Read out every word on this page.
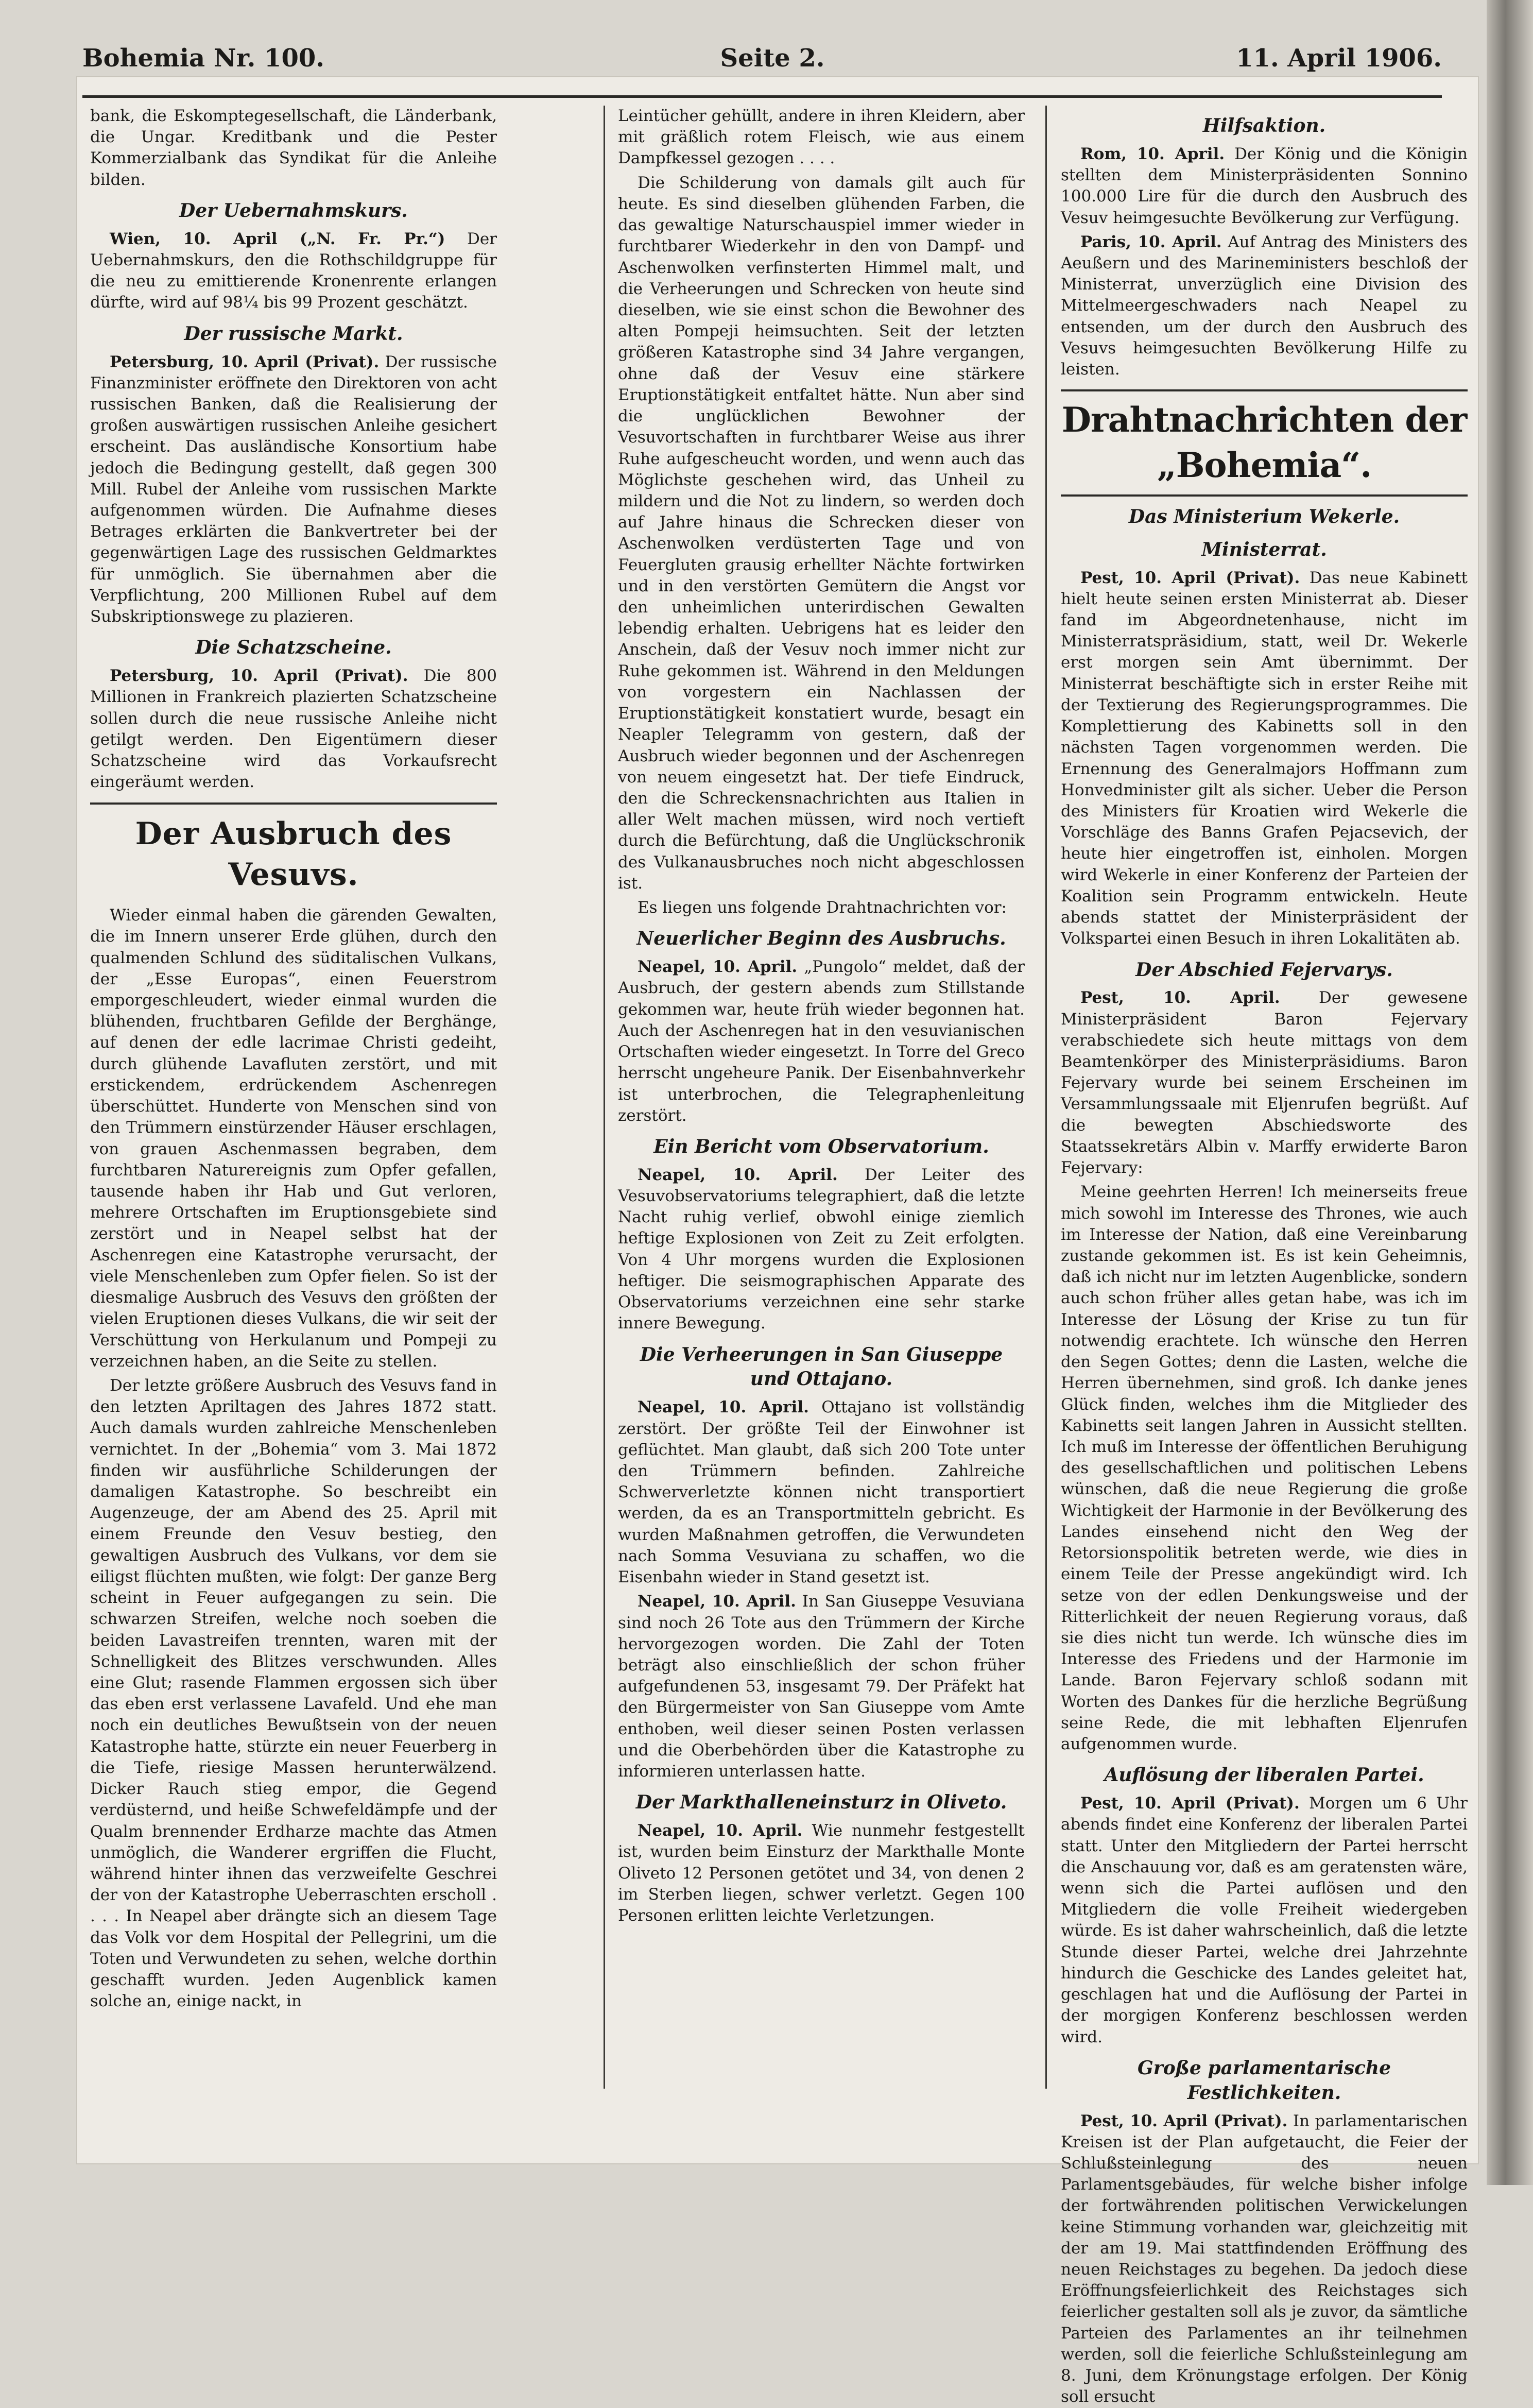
Bohemia Nr. 100.	Seite 2.	11. April 1906.

bank, die Eskomptegesellschaft, die Länderbank, die Ungar. Kreditbank und die Pester Kommerzialbank das Syndikat für die Anleihe bilden.

Der Uebernahmskurs.

Wien, 10. April („N. Fr. Pr.“) Der Uebernahmskurs, den die Rothschildgruppe für die neu zu emittierende Kronenrente erlangen dürfte, wird auf 98¼ bis 99 Prozent geschätzt.

Der russische Markt.

Petersburg, 10. April (Privat). Der russische Finanzminister eröffnete den Direktoren von acht russischen Banken, daß die Realisierung der großen auswärtigen russischen Anleihe gesichert erscheint. Das ausländische Konsortium habe jedoch die Bedingung gestellt, daß gegen 300 Mill. Rubel der Anleihe vom russischen Markte aufgenommen würden. Die Aufnahme dieses Betrages erklärten die Bankvertreter bei der gegenwärtigen Lage des russischen Geldmarktes für unmöglich. Sie übernahmen aber die Verpflichtung, 200 Millionen Rubel auf dem Subskriptionswege zu plazieren.

Die Schatzscheine.

Petersburg, 10. April (Privat). Die 800 Millionen in Frankreich plazierten Schatzscheine sollen durch die neue russische Anleihe nicht getilgt werden. Den Eigentümern dieser Schatzscheine wird das Vorkaufsrecht eingeräumt werden.

Der Ausbruch des Vesuvs.

Wieder einmal haben die gärenden Gewalten, die im Innern unserer Erde glühen, durch den qualmenden Schlund des süditalischen Vulkans, der „Esse Europas“, einen Feuerstrom emporgeschleudert, wieder einmal wurden die blühenden, fruchtbaren Gefilde der Berghänge, auf denen der edle lacrimae Christi gedeiht, durch glühende Lavafluten zerstört, und mit erstickendem, erdrückendem Aschenregen überschüttet. Hunderte von Menschen sind von den Trümmern einstürzender Häuser erschlagen, von grauen Aschenmassen begraben, dem furchtbaren Naturereignis zum Opfer gefallen, tausende haben ihr Hab und Gut verloren, mehrere Ortschaften im Eruptionsgebiete sind zerstört und in Neapel selbst hat der Aschenregen eine Katastrophe verursacht, der viele Menschenleben zum Opfer fielen. So ist der diesmalige Ausbruch des Vesuvs den größten der vielen Eruptionen dieses Vulkans, die wir seit der Verschüttung von Herkulanum und Pompeji zu verzeichnen haben, an die Seite zu stellen.

Der letzte größere Ausbruch des Vesuvs fand in den letzten Apriltagen des Jahres 1872 statt. Auch damals wurden zahlreiche Menschenleben vernichtet. In der „Bohemia“ vom 3. Mai 1872 finden wir ausführliche Schilderungen der damaligen Katastrophe. So beschreibt ein Augenzeuge, der am Abend des 25. April mit einem Freunde den Vesuv bestieg, den gewaltigen Ausbruch des Vulkans, vor dem sie eiligst flüchten mußten, wie folgt: Der ganze Berg scheint in Feuer aufgegangen zu sein. Die schwarzen Streifen, welche noch soeben die beiden Lavastreifen trennten, waren mit der Schnelligkeit des Blitzes verschwunden. Alles eine Glut; rasende Flammen ergossen sich über das eben erst verlassene Lavafeld. Und ehe man noch ein deutliches Bewußtsein von der neuen Katastrophe hatte, stürzte ein neuer Feuerberg in die Tiefe, riesige Massen herunterwälzend. Dicker Rauch stieg empor, die Gegend verdüsternd, und heiße Schwefeldämpfe und der Qualm brennender Erdharze machte das Atmen unmöglich, die Wanderer ergriffen die Flucht, während hinter ihnen das verzweifelte Geschrei der von der Katastrophe Ueberraschten erscholl . . . . In Neapel aber drängte sich an diesem Tage das Volk vor dem Hospital der Pellegrini, um die Toten und Verwundeten zu sehen, welche dorthin geschafft wurden. Jeden Augenblick kamen solche an, einige nackt, in

Leintücher gehüllt, andere in ihren Kleidern, aber mit gräßlich rotem Fleisch, wie aus einem Dampfkessel gezogen . . . .

Die Schilderung von damals gilt auch für heute. Es sind dieselben glühenden Farben, die das gewaltige Naturschauspiel immer wieder in furchtbarer Wiederkehr in den von Dampf- und Aschenwolken verfinsterten Himmel malt, und die Verheerungen und Schrecken von heute sind dieselben, wie sie einst schon die Bewohner des alten Pompeji heimsuchten. Seit der letzten größeren Katastrophe sind 34 Jahre vergangen, ohne daß der Vesuv eine stärkere Eruptionstätigkeit entfaltet hätte. Nun aber sind die unglücklichen Bewohner der Vesuvortschaften in furchtbarer Weise aus ihrer Ruhe aufgescheucht worden, und wenn auch das Möglichste geschehen wird, das Unheil zu mildern und die Not zu lindern, so werden doch auf Jahre hinaus die Schrecken dieser von Aschenwolken verdüsterten Tage und von Feuergluten grausig erhellter Nächte fortwirken und in den verstörten Gemütern die Angst vor den unheimlichen unterirdischen Gewalten lebendig erhalten. Uebrigens hat es leider den Anschein, daß der Vesuv noch immer nicht zur Ruhe gekommen ist. Während in den Meldungen von vorgestern ein Nachlassen der Eruptionstätigkeit konstatiert wurde, besagt ein Neapler Telegramm von gestern, daß der Ausbruch wieder begonnen und der Aschenregen von neuem eingesetzt hat. Der tiefe Eindruck, den die Schreckensnachrichten aus Italien in aller Welt machen müssen, wird noch vertieft durch die Befürchtung, daß die Unglückschronik des Vulkanausbruches noch nicht abgeschlossen ist.

Es liegen uns folgende Drahtnachrichten vor:

Neuerlicher Beginn des Ausbruchs.

Neapel, 10. April. „Pungolo“ meldet, daß der Ausbruch, der gestern abends zum Stillstande gekommen war, heute früh wieder begonnen hat. Auch der Aschenregen hat in den vesuvianischen Ortschaften wieder eingesetzt. In Torre del Greco herrscht ungeheure Panik. Der Eisenbahnverkehr ist unterbrochen, die Telegraphenleitung zerstört.

Ein Bericht vom Observatorium.

Neapel, 10. April. Der Leiter des Vesuvobservatoriums telegraphiert, daß die letzte Nacht ruhig verlief, obwohl einige ziemlich heftige Explosionen von Zeit zu Zeit erfolgten. Von 4 Uhr morgens wurden die Explosionen heftiger. Die seismographischen Apparate des Observatoriums verzeichnen eine sehr starke innere Bewegung.

Die Verheerungen in San Giuseppe und Ottajano.

Neapel, 10. April. Ottajano ist vollständig zerstört. Der größte Teil der Einwohner ist geflüchtet. Man glaubt, daß sich 200 Tote unter den Trümmern befinden. Zahlreiche Schwerverletzte können nicht transportiert werden, da es an Transportmitteln gebricht. Es wurden Maßnahmen getroffen, die Verwundeten nach Somma Vesuviana zu schaffen, wo die Eisenbahn wieder in Stand gesetzt ist.

Neapel, 10. April. In San Giuseppe Vesuviana sind noch 26 Tote aus den Trümmern der Kirche hervorgezogen worden. Die Zahl der Toten beträgt also einschließlich der schon früher aufgefundenen 53, insgesamt 79. Der Präfekt hat den Bürgermeister von San Giuseppe vom Amte enthoben, weil dieser seinen Posten verlassen und die Oberbehörden über die Katastrophe zu informieren unterlassen hatte.

Der Markthalleneinsturz in Oliveto.

Neapel, 10. April. Wie nunmehr festgestellt ist, wurden beim Einsturz der Markthalle Monte Oliveto 12 Personen getötet und 34, von denen 2 im Sterben liegen, schwer verletzt. Gegen 100 Personen erlitten leichte Verletzungen.

Hilfsaktion.

Rom, 10. April. Der König und die Königin stellten dem Ministerpräsidenten Sonnino 100.000 Lire für die durch den Ausbruch des Vesuv heimgesuchte Bevölkerung zur Verfügung.

Paris, 10. April. Auf Antrag des Ministers des Aeußern und des Marineministers beschloß der Ministerrat, unverzüglich eine Division des Mittelmeergeschwaders nach Neapel zu entsenden, um der durch den Ausbruch des Vesuvs heimgesuchten Bevölkerung Hilfe zu leisten.

Drahtnachrichten der „Bohemia“.
Das Ministerium Wekerle.
Ministerrat.

Pest, 10. April (Privat). Das neue Kabinett hielt heute seinen ersten Ministerrat ab. Dieser fand im Abgeordnetenhause, nicht im Ministerratspräsidium, statt, weil Dr. Wekerle erst morgen sein Amt übernimmt. Der Ministerrat beschäftigte sich in erster Reihe mit der Textierung des Regierungsprogrammes. Die Komplettierung des Kabinetts soll in den nächsten Tagen vorgenommen werden. Die Ernennung des Generalmajors Hoffmann zum Honvedminister gilt als sicher. Ueber die Person des Ministers für Kroatien wird Wekerle die Vorschläge des Banns Grafen Pejacsevich, der heute hier eingetroffen ist, einholen. Morgen wird Wekerle in einer Konferenz der Parteien der Koalition sein Programm entwickeln. Heute abends stattet der Ministerpräsident der Volkspartei einen Besuch in ihren Lokalitäten ab.

Der Abschied Fejervarys.

Pest, 10. April. Der gewesene Ministerpräsident Baron Fejervary verabschiedete sich heute mittags von dem Beamtenkörper des Ministerpräsidiums. Baron Fejervary wurde bei seinem Erscheinen im Versammlungssaale mit Eljenrufen begrüßt. Auf die bewegten Abschiedsworte des Staatssekretärs Albin v. Marffy erwiderte Baron Fejervary:

Meine geehrten Herren! Ich meinerseits freue mich sowohl im Interesse des Thrones, wie auch im Interesse der Nation, daß eine Vereinbarung zustande gekommen ist. Es ist kein Geheimnis, daß ich nicht nur im letzten Augenblicke, sondern auch schon früher alles getan habe, was ich im Interesse der Lösung der Krise zu tun für notwendig erachtete. Ich wünsche den Herren den Segen Gottes; denn die Lasten, welche die Herren übernehmen, sind groß. Ich danke jenes Glück finden, welches ihm die Mitglieder des Kabinetts seit langen Jahren in Aussicht stellten. Ich muß im Interesse der öffentlichen Beruhigung des gesellschaftlichen und politischen Lebens wünschen, daß die neue Regierung die große Wichtigkeit der Harmonie in der Bevölkerung des Landes einsehend nicht den Weg der Retorsionspolitik betreten werde, wie dies in einem Teile der Presse angekündigt wird. Ich setze von der edlen Denkungsweise und der Ritterlichkeit der neuen Regierung voraus, daß sie dies nicht tun werde. Ich wünsche dies im Interesse des Friedens und der Harmonie im Lande. Baron Fejervary schloß sodann mit Worten des Dankes für die herzliche Begrüßung seine Rede, die mit lebhaften Eljenrufen aufgenommen wurde.

Auflösung der liberalen Partei.

Pest, 10. April (Privat). Morgen um 6 Uhr abends findet eine Konferenz der liberalen Partei statt. Unter den Mitgliedern der Partei herrscht die Anschauung vor, daß es am geratensten wäre, wenn sich die Partei auflösen und den Mitgliedern die volle Freiheit wiedergeben würde. Es ist daher wahrscheinlich, daß die letzte Stunde dieser Partei, welche drei Jahrzehnte hindurch die Geschicke des Landes geleitet hat, geschlagen hat und die Auflösung der Partei in der morgigen Konferenz beschlossen werden wird.

Große parlamentarische Festlichkeiten.

Pest, 10. April (Privat). In parlamentarischen Kreisen ist der Plan aufgetaucht, die Feier der Schlußsteinlegung des neuen Parlamentsgebäudes, für welche bisher infolge der fortwährenden politischen Verwickelungen keine Stimmung vorhanden war, gleichzeitig mit der am 19. Mai stattfindenden Eröffnung des neuen Reichstages zu begehen. Da jedoch diese Eröffnungsfeierlichkeit des Reichstages sich feierlicher gestalten soll als je zuvor, da sämtliche Parteien des Parlamentes an ihr teilnehmen werden, soll die feierliche Schlußsteinlegung am 8. Juni, dem Krönungstage erfolgen. Der König soll ersucht
